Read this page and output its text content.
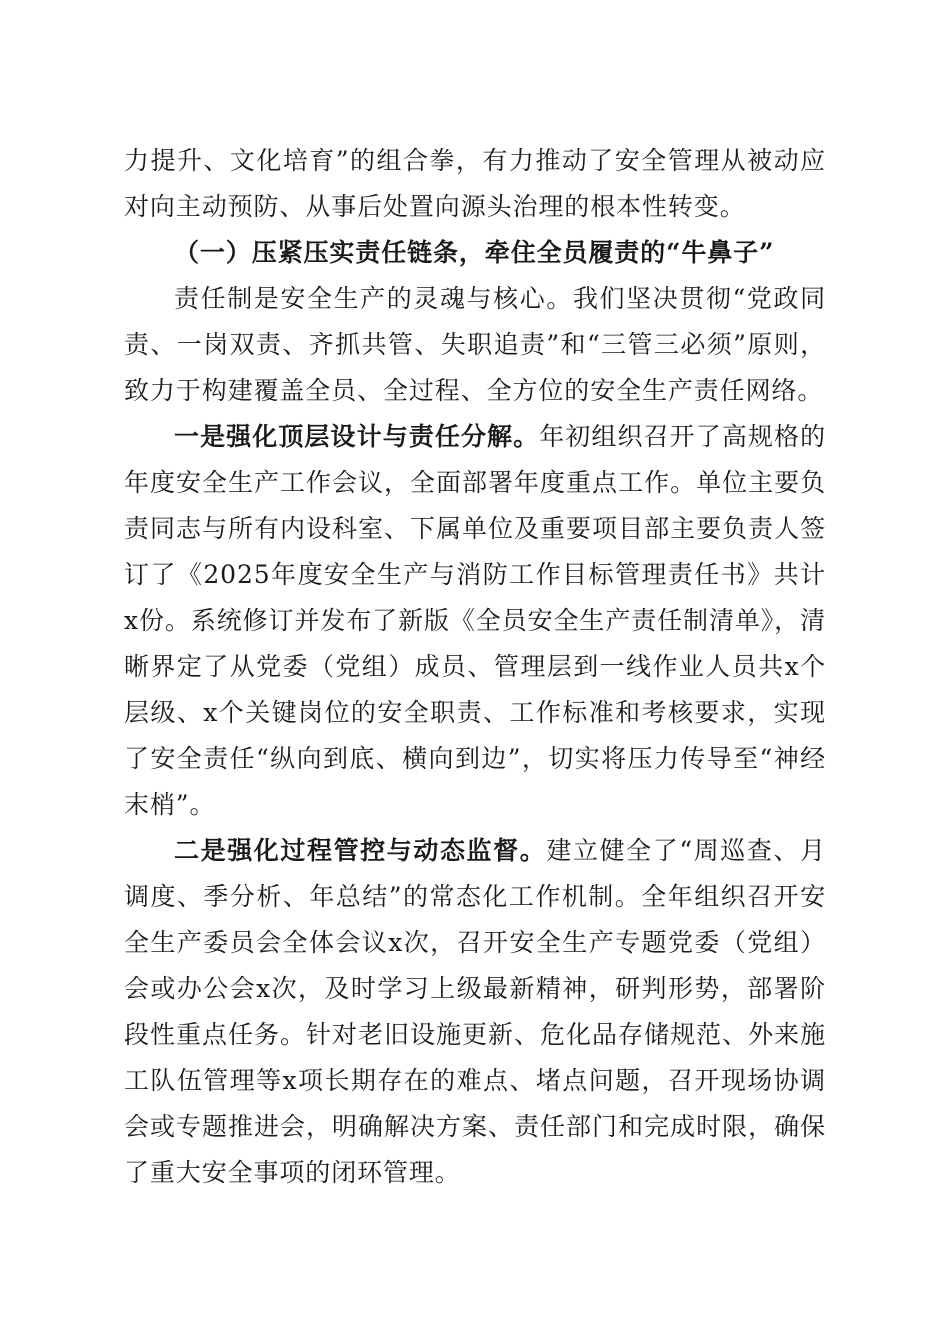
力提升、文化培育”的组合拳，有力推动了安全管理从被动应对向主动预防、从事后处置向源头治理的根本性转变。

（一）压紧压实责任链条，牵住全员履责的“牛鼻子”

责任制是安全生产的灵魂与核心。我们坚决贯彻“党政同责、一岗双责、齐抓共管、失职追责”和“三管三必须”原则，致力于构建覆盖全员、全过程、全方位的安全生产责任网络。

一是强化顶层设计与责任分解。年初组织召开了高规格的年度安全生产工作会议，全面部署年度重点工作。单位主要负责同志与所有内设科室、下属单位及重要项目部主要负责人签订了《2025年度安全生产与消防工作目标管理责任书》共计x份。系统修订并发布了新版《全员安全生产责任制清单》，清晰界定了从党委（党组）成员、管理层到一线作业人员共x个层级、x个关键岗位的安全职责、工作标准和考核要求，实现了安全责任“纵向到底、横向到边”，切实将压力传导至“神经末梢”。

二是强化过程管控与动态监督。建立健全了“周巡查、月调度、季分析、年总结”的常态化工作机制。全年组织召开安全生产委员会全体会议x次，召开安全生产专题党委（党组）会或办公会x次，及时学习上级最新精神，研判形势，部署阶段性重点任务。针对老旧设施更新、危化品存储规范、外来施工队伍管理等x项长期存在的难点、堵点问题，召开现场协调会或专题推进会，明确解决方案、责任部门和完成时限，确保了重大安全事项的闭环管理。
